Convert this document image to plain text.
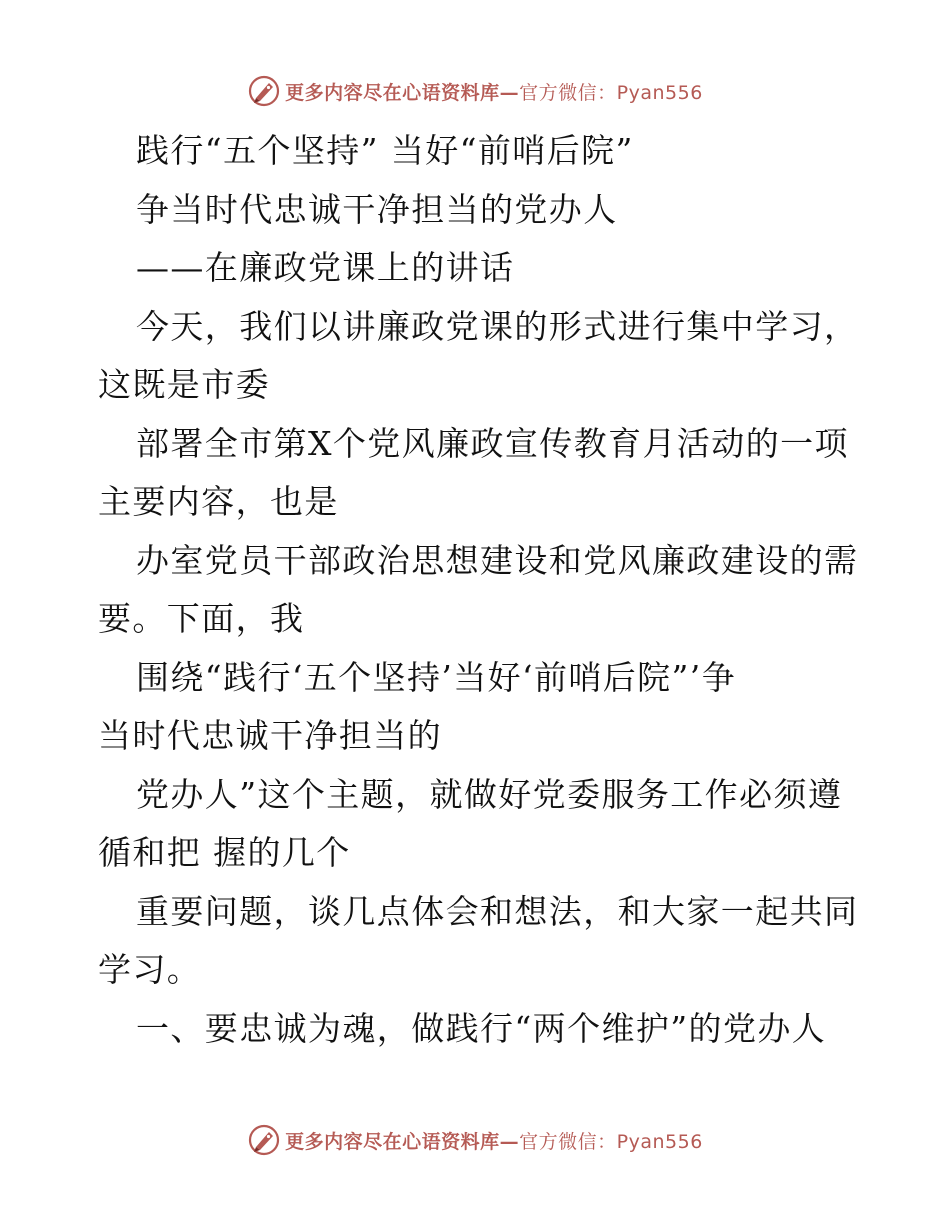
更多内容尽在心语资料库— 官方微信：Pyan556
践行“五个坚持” 当好“前哨后院”
争当时代忠诚干净担当的党办人
——在廉政党课上的讲话
今天，我们以讲廉政党课的形式进行集中学习，
这既是市委
部署全市第X个党风廉政宣传教育月活动的一项
主要内容，也是
办室党员干部政治思想建设和党风廉政建设的需
要。下面，我
围绕“践行‘五个坚持’当好‘前哨后院”’争
当时代忠诚干净担当的
党办人”这个主题，就做好党委服务工作必须遵
循和把 握的几个
重要问题，谈几点体会和想法，和大家一起共同
学习。
一、要忠诚为魂，做践行“两个维护”的党办人
更多内容尽在心语资料库— 官方微信：Pyan556
